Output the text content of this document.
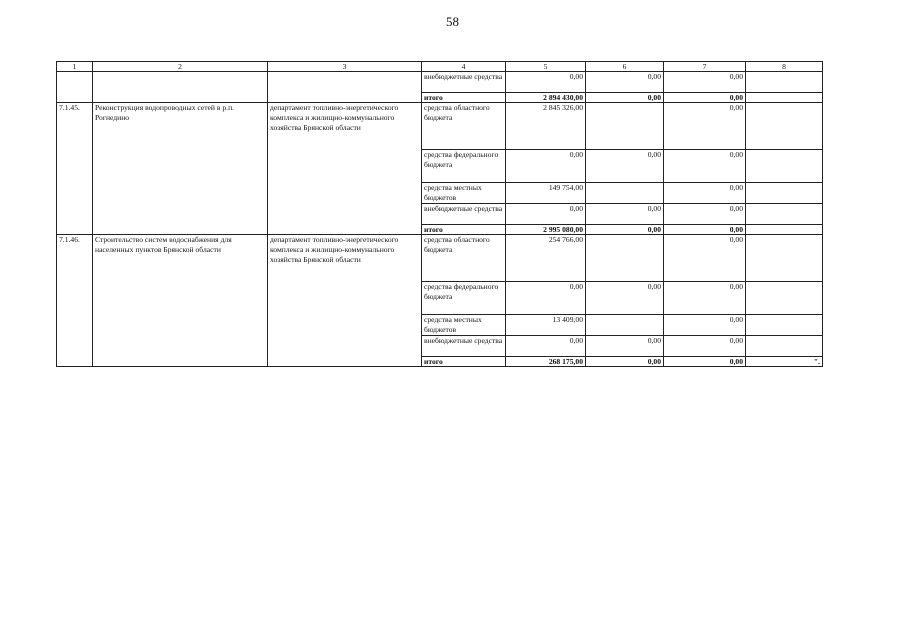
58
1	2	3	4	5	6	7	8
			внебюджетные средства	0,00	0,00	0,00	
			итого	2 894 430,00	0,00	0,00	
7.1.45.	Реконструкция водопроводных сетей в р.п. Рогнедино	департамент топливно-энергетического комплекса и жилищно-коммунального хозяйства Брянской области	средства областного бюджета	2 845 326,00		0,00	
			средства федерального бюджета	0,00	0,00	0,00	
			средства местных бюджетов	149 754,00		0,00	
			внебюджетные средства	0,00	0,00	0,00	
			итого	2 995 080,00	0,00	0,00	
7.1.46.	Строительство систем водоснабжения для населенных пунктов Брянской области	департамент топливно-энергетического комплекса и жилищно-коммунального хозяйства Брянской области	средства областного бюджета	254 766,00		0,00	
			средства федерального бюджета	0,00	0,00	0,00	
			средства местных бюджетов	13 409,00		0,00	
			внебюджетные средства	0,00	0,00	0,00	
			итого	268 175,00	0,00	0,00	".
